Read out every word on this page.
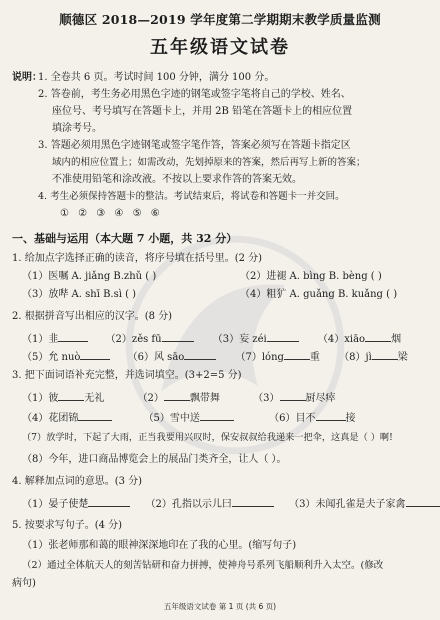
顺德区 2018—2019 学年度第二学期期末教学质量监测
五年级语文试卷
说明：
1. 全卷共 6 页。考试时间 100 分钟，满分 100 分。
2. 答卷前，考生务必用黑色字迹的钢笔或签字笔将自己的学校、姓名、
座位号、考号填写在答题卡上，并用 2B 铅笔在答题卡上的相应位置
填涂考号。
3. 答题必须用黑色字迹钢笔或签字笔作答，答案必须写在答题卡指定区
域内的相应位置上；如需改动，先划掉原来的答案，然后再写上新的答案；
不准使用铅笔和涂改液。不按以上要求作答的答案无效。
4. 考生必须保持答题卡的整洁。考试结束后，将试卷和答题卡一并交回。
① ② ③ ④ ⑤ ⑥
一、基础与运用（本大题 7 小题，共 32 分）
1. 给加点字选择正确的读音，将序号填在括号里。(2 分)
（1）医嘱 A. jiǎng B.zhǔ ( )	（2）进褪 A. bìng B. bèng ( )
（3）放哔 A. shī B.sì ( )	（4）粗犷 A. guǎng B. kuǎng ( )
2. 根据拼音写出相应的汉字。(8 分)
（1）韭	（2）zěs fū	（3）妄 zéi	（4）xiāo	烟
（5）允 nuò	（6）风 sāo	（7）lóng	重 （8）jì	梁
3. 把下面词语补充完整，并选词填空。(3+2=5 分)
（1）彼	无礼	（2）	飘带舞	（3）	厨尽瘁
（4）花团锦	（5）雪中送	（6）目不	接
（7）放学时，下起了大雨，正当我要用兴叹时，保安叔叔给我递来一把伞，这真是（ ）啊!
（8）今年，进口商品博览会上的展品门类齐全，让人（ ）。
4. 解释加点词的意思。(3 分)
（1）晏子使楚	（2）孔指以示儿曰	（3）未闻孔雀是夫子家禽
5. 按要求写句子。(4 分)
（1）张老师那和蔼的眼神深深地印在了我的心里。(缩写句子)
（2）通过全体航天人的刻苦钻研和奋力拼搏，使神舟号系列飞船顺利升入太空。(修改
病句)
五年级语文试卷 第 1 页 (共 6 页)
